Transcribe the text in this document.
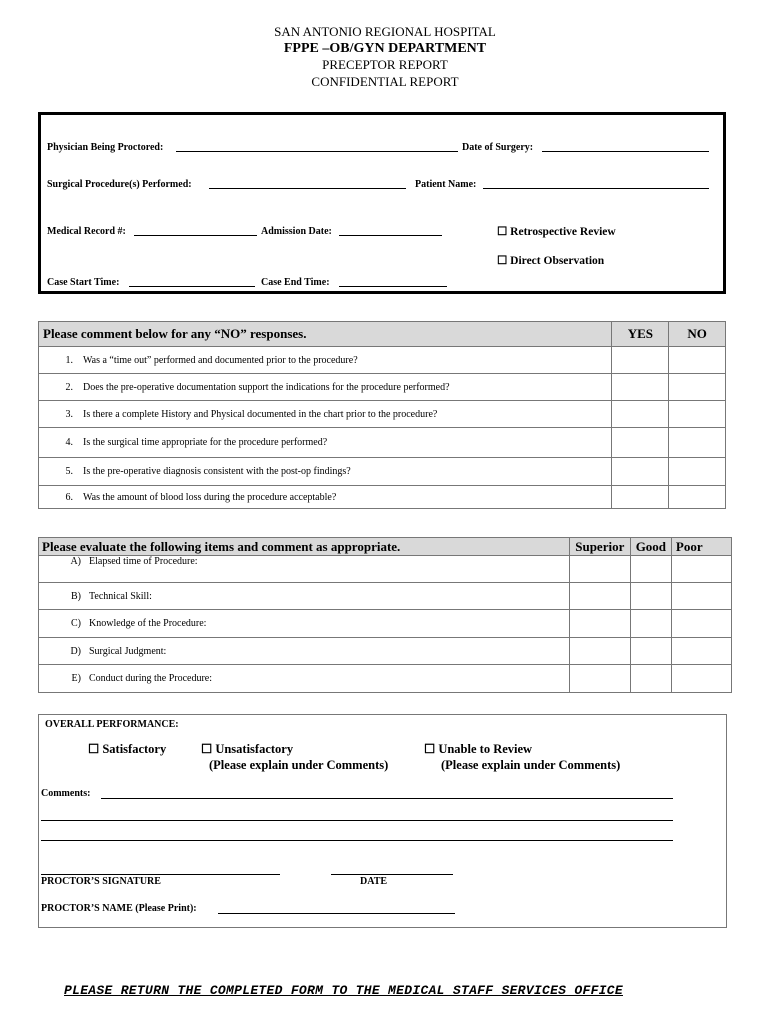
SAN ANTONIO REGIONAL HOSPITAL
FPPE –OB/GYN DEPARTMENT
PRECEPTOR REPORT
CONFIDENTIAL REPORT
Physician Being Proctored:	Date of Surgery:
Surgical Procedure(s) Performed:	Patient Name:
Medical Record #:	Admission Date:	☐ Retrospective Review
☐ Direct Observation
Case Start Time:	Case End Time:
Please comment below for any “NO” responses.	YES	NO
1. Was a “time out” performed and documented prior to the procedure?		
2. Does the pre-operative documentation support the indications for the procedure performed?		
3. Is there a complete History and Physical documented in the chart prior to the procedure?		
4. Is the surgical time appropriate for the procedure performed?		
5. Is the pre-operative diagnosis consistent with the post-op findings?		
6. Was the amount of blood loss during the procedure acceptable?		
Please evaluate the following items and comment as appropriate.	Superior	Good	Poor
A) Elapsed time of Procedure:			
B) Technical Skill:			
C) Knowledge of the Procedure:			
D) Surgical Judgment:			
E) Conduct during the Procedure:			
OVERALL PERFORMANCE:
☐ Satisfactory	☐ Unsatisfactory
(Please explain under Comments)
☐ Unable to Review
(Please explain under Comments)
Comments:
PROCTOR’S SIGNATURE	DATE
PROCTOR’S NAME (Please Print):
PLEASE RETURN THE COMPLETED FORM TO THE MEDICAL STAFF SERVICES OFFICE
